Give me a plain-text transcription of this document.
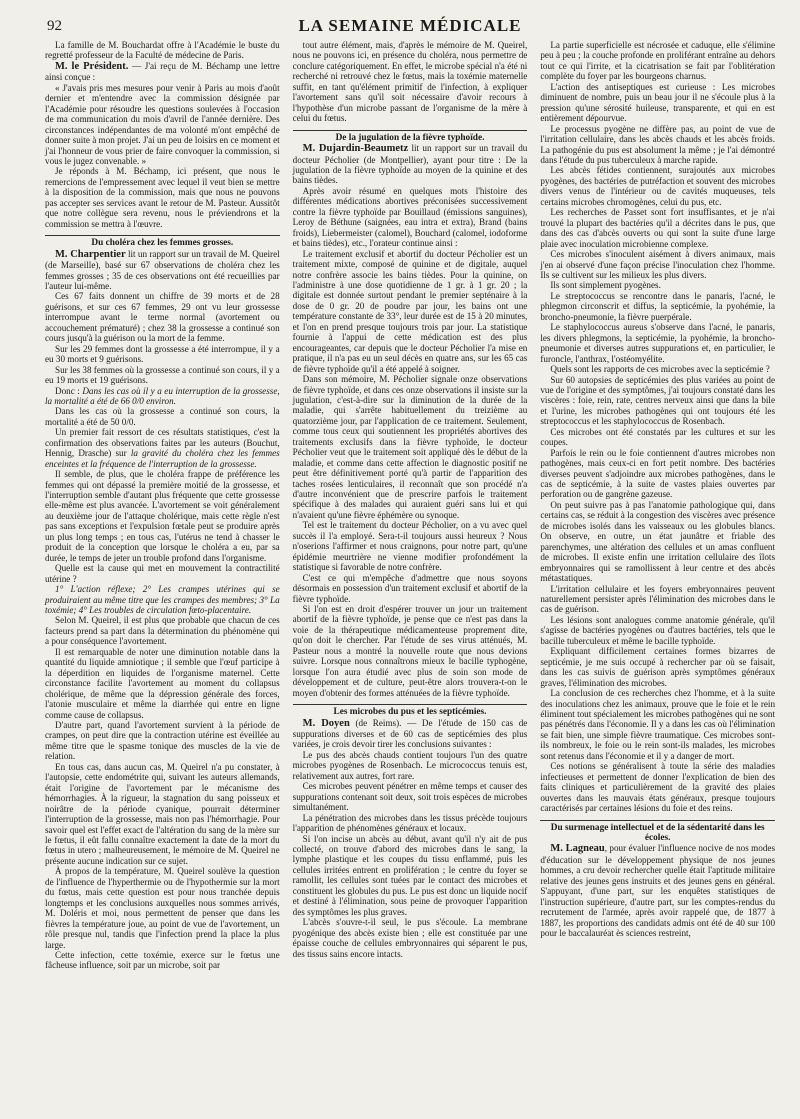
92	LA SEMAINE MÉDICALE

La famille de M. Bouchardat offre à l'Académie le buste du regretté professeur de la Faculté de médecine de Paris.

M. le Président. — J'ai reçu de M. Béchamp une lettre ainsi conçue :

« J'avais pris mes mesures pour venir à Paris au mois d'août dernier et m'entendre avec la commission désignée par l'Académie pour résoudre les questions soulevées à l'occasion de ma communication du mois d'avril de l'année dernière. Des circonstances indépendantes de ma volonté m'ont empêché de donner suite à mon projet. J'ai un peu de loisirs en ce moment et j'ai l'honneur de vous prier de faire convoquer la commission, si vous le jugez convenable. »

Je réponds à M. Béchamp, ici présent, que nous le remercions de l'empressement avec lequel il veut bien se mettre à la disposition de la commission, mais que nous ne pouvons pas accepter ses services avant le retour de M. Pasteur. Aussitôt que notre collègue sera revenu, nous le préviendrons et la commission se mettra à l'œuvre.

Du choléra chez les femmes grosses.

M. Charpentier lit un rapport sur un travail de M. Queirel (de Marseille), basé sur 67 observations de choléra chez les femmes grosses ; 35 de ces observations ont été recueillies par l'auteur lui-même.

Ces 67 faits donnent un chiffre de 39 morts et de 28 guérisons, et sur ces 67 femmes, 29 ont vu leur grossesse interrompue avant le terme normal (avortement ou accouchement prématuré) ; chez 38 la grossesse a continué son cours jusqu'à la guérison ou la mort de la femme.

Sur les 29 femmes dont la grossesse a été interrompue, il y a eu 30 morts et 9 guérisons.

Sur les 38 femmes où la grossesse a continué son cours, il y a eu 19 morts et 19 guérisons.

Donc : Dans les cas où il y a eu interruption de la grossesse, la mortalité a été de 66 0/0 environ.

Dans les cas où la grossesse a continué son cours, la mortalité a été de 50 0/0.

Un premier fait ressort de ces résultats statistiques, c'est la confirmation des observations faites par les auteurs (Bouchut, Hennig, Drasche) sur la gravité du choléra chez les femmes enceintes et la fréquence de l'interruption de la grossesse.

Il semble, de plus, que le choléra frappe de préférence les femmes qui ont dépassé la première moitié de la grossesse, et l'interruption semble d'autant plus fréquente que cette grossesse elle-même est plus avancée. L'avortement se voit généralement au deuxième jour de l'attaque cholérique, mais cette règle n'est pas sans exceptions et l'expulsion fœtale peut se produire après un plus long temps ; en tous cas, l'utérus ne tend à chasser le produit de la conception que lorsque le choléra a eu, par sa durée, le temps de jeter un trouble profond dans l'organisme.

Quelle est la cause qui met en mouvement la contractilité utérine ?

1° L'action réflexe; 2° Les crampes utérines qui se produiraient au même titre que les crampes des membres; 3° La toxémie; 4° Les troubles de circulation fœto-placentaire.

Selon M. Queirel, il est plus que probable que chacun de ces facteurs prend sa part dans la détermination du phénomène qui a pour conséquence l'avortement.

Il est remarquable de noter une diminution notable dans la quantité du liquide amniotique ; il semble que l'œuf participe à la déperdition en liquides de l'organisme maternel. Cette circonstance facilite l'avortement au moment du collapsus cholérique, de même que la dépression générale des forces, l'atonie musculaire et même la diarrhée qui entre en ligne comme cause de collapsus.

D'autre part, quand l'avortement survient à la période de crampes, on peut dire que la contraction utérine est éveillée au même titre que le spasme tonique des muscles de la vie de relation.

En tous cas, dans aucun cas, M. Queirel n'a pu constater, à l'autopsie, cette endométrite qui, suivant les auteurs allemands, était l'origine de l'avortement par le mécanisme des hémorrhagies. À la rigueur, la stagnation du sang poisseux et noirâtre de la période cyanique, pourrait déterminer l'interruption de la grossesse, mais non pas l'hémorrhagie. Pour savoir quel est l'effet exact de l'altération du sang de la mère sur le fœtus, il eût fallu connaître exactement la date de la mort du fœtus in utero ; malheureusement, le mémoire de M. Queirel ne présente aucune indication sur ce sujet.

À propos de la température, M. Queirel soulève la question de l'influence de l'hyperthermie ou de l'hypothermie sur la mort du fœtus, mais cette question est pour nous tranchée depuis longtemps et les conclusions auxquelles nous sommes arrivés, M. Doléris et moi, nous permettent de penser que dans les fièvres la température joue, au point de vue de l'avortement, un rôle presque nul, tandis que l'infection prend la place la plus large.

Cette infection, cette toxémie, exerce sur le fœtus une fâcheuse influence, soit par un microbe, soit par

tout autre élément, mais, d'après le mémoire de M. Queirel, nous ne pouvons ici, en présence du choléra, nous permettre de conclure catégoriquement. En effet, le microbe spécial n'a été ni recherché ni retrouvé chez le fœtus, mais la toxémie maternelle suffit, en tant qu'élément primitif de l'infection, à expliquer l'avortement sans qu'il soit nécessaire d'avoir recours à l'hypothèse d'un microbe passant de l'organisme de la mère à celui du fœtus.

De la jugulation de la fièvre typhoïde.

M. Dujardin-Beaumetz lit un rapport sur un travail du docteur Pécholier (de Montpellier), ayant pour titre : De la jugulation de la fièvre typhoïde au moyen de la quinine et des bains tièdes.

Après avoir résumé en quelques mots l'histoire des différentes médications abortives préconisées successivement contre la fièvre typhoïde par Bouillaud (émissions sanguines), Leroy de Béthune (saignées, eau intra et extra), Brand (bains froids), Liebermeister (calomel), Bouchard (calomel, iodoforme et bains tièdes), etc., l'orateur continue ainsi :

Le traitement exclusif et abortif du docteur Pécholier est un traitement mixte, composé de quinine et de digitale, auquel notre confrère associe les bains tièdes. Pour la quinine, on l'administre à une dose quotidienne de 1 gr. à 1 gr. 20 ; la digitale est donnée surtout pendant le premier septénaire à la dose de 0 gr. 20 de poudre par jour, les bains ont une température constante de 33°, leur durée est de 15 à 20 minutes, et l'on en prend presque toujours trois par jour. La statistique fournie à l'appui de cette médication est des plus encourageantes, car depuis que le docteur Pécholier l'a mise en pratique, il n'a pas eu un seul décès en quatre ans, sur les 65 cas de fièvre typhoïde qu'il a été appelé à soigner.

Dans son mémoire, M. Pécholier signale onze observations de fièvre typhoïde, et dans ces onze observations il insiste sur la jugulation, c'est-à-dire sur la diminution de la durée de la maladie, qui s'arrête habituellement du treizième au quatorzième jour, par l'application de ce traitement. Seulement, comme tous ceux qui soutiennent les propriétés abortives des traitements exclusifs dans la fièvre typhoïde, le docteur Pécholier veut que le traitement soit appliqué dès le début de la maladie, et comme dans cette affection le diagnostic positif ne peut être définitivement porté qu'à partir de l'apparition des taches rosées lenticulaires, il reconnaît que son procédé n'a d'autre inconvénient que de prescrire parfois le traitement spécifique à des malades qui auraient guéri sans lui et qui n'avaient qu'une fièvre éphémère ou synoque.

Tel est le traitement du docteur Pécholier, on a vu avec quel succès il l'a employé. Sera-t-il toujours aussi heureux ? Nous n'oserions l'affirmer et nous craignons, pour notre part, qu'une épidémie meurtrière ne vienne modifier profondément la statistique si favorable de notre confrère.

C'est ce qui m'empêche d'admettre que nous soyons désormais en possession d'un traitement exclusif et abortif de la fièvre typhoïde.

Si l'on est en droit d'espérer trouver un jour un traitement abortif de la fièvre typhoïde, je pense que ce n'est pas dans la voie de la thérapeutique médicamenteuse proprement dite, qu'on doit le chercher. Par l'étude de ses virus atténués, M. Pasteur nous a montré la nouvelle route que nous devions suivre. Lorsque nous connaîtrons mieux le bacille typhogène, lorsque l'on aura étudié avec plus de soin son mode de développement et de culture, peut-être alors trouvera-t-on le moyen d'obtenir des formes atténuées de la fièvre typhoïde.

Les microbes du pus et les septicémies.

M. Doyen (de Reims). — De l'étude de 150 cas de suppurations diverses et de 60 cas de septicémies des plus variées, je crois devoir tirer les conclusions suivantes :

Le pus des abcès chauds contient toujours l'un des quatre microbes pyogènes de Rosenbach. Le micrococcus tenuis est, relativement aux autres, fort rare.

Ces microbes peuvent pénétrer en même temps et causer des suppurations contenant soit deux, soit trois espèces de microbes simultanément.

La pénétration des microbes dans les tissus précède toujours l'apparition de phénomènes généraux et locaux.

Si l'on incise un abcès au début, avant qu'il n'y ait de pus collecté, on trouve d'abord des microbes dans le sang, la lymphe plastique et les coupes du tissu enflammé, puis les cellules irritées entrent en prolifération ; le centre du foyer se ramollit, les cellules sont tuées par le contact des microbes et constituent les globules du pus. Le pus est donc un liquide nocif et destiné à l'élimination, sous peine de provoquer l'apparition des symptômes les plus graves.

L'abcès s'ouvre-t-il seul, le pus s'écoule. La membrane pyogénique des abcès existe bien ; elle est constituée par une épaisse couche de cellules embryonnaires qui séparent le pus, des tissus sains encore intacts.

La partie superficielle est nécrosée et caduque, elle s'élimine peu à peu ; la couche profonde en proliférant entraîne au dehors tout ce qui l'irrite, et la cicatrisation se fait par l'oblitération complète du foyer par les bourgeons charnus.

L'action des antiseptiques est curieuse : Les microbes diminuent de nombre, puis un beau jour il ne s'écoule plus à la pression qu'une sérosité huileuse, transparente, et qui en est entièrement dépourvue.

Le processus pyogène ne diffère pas, au point de vue de l'irritation cellulaire, dans les abcès chauds et les abcès froids. La pathogénie du pus est absolument la même ; je l'ai démontré dans l'étude du pus tuberculeux à marche rapide.

Les abcès fétides contiennent, surajoutés aux microbes pyogènes, des bactéries de putréfaction et souvent des microbes divers venus de l'intérieur ou de cavités muqueuses, tels certains microbes chromogènes, celui du pus, etc.

Les recherches de Passet sont fort insuffisantes, et je n'ai trouvé la plupart des bactéries qu'il a décrites dans le pus, que dans des cas d'abcès ouverts ou qui sont la suite d'une large plaie avec inoculation microbienne complexe.

Ces microbes s'inoculent aisément à divers animaux, mais j'en ai observé d'une façon précise l'inoculation chez l'homme. Ils se cultivent sur les milieux les plus divers.

Ils sont simplement pyogènes.

Le streptococcus se rencontre dans le panaris, l'acné, le phlegmon circonscrit et diffus, la septicémie, la pyohémie, la broncho-pneumonie, la fièvre puerpérale.

Le staphylococcus aureus s'observe dans l'acné, le panaris, les divers phlegmons, la septicémie, la pyohémie, la broncho-pneumonie et diverses autres suppurations et, en particulier, le furoncle, l'anthrax, l'ostéomyélite.

Quels sont les rapports de ces microbes avec la septicémie ?

Sur 60 autopsies de septicémies des plus variées au point de vue de l'origine et des symptômes, j'ai toujours constaté dans les viscères : foie, rein, rate, centres nerveux ainsi que dans la bile et l'urine, les microbes pathogènes qui ont toujours été les streptococcus et les staphylococcus de Rosenbach.

Ces microbes ont été constatés par les cultures et sur les coupes.

Parfois le rein ou le foie contiennent d'autres microbes non pathogènes, mais ceux-ci en fort petit nombre. Des bactéries diverses peuvent s'adjoindre aux microbes pathogènes, dans le cas de septicémie, à la suite de vastes plaies ouvertes par perforation ou de gangrène gazeuse.

On peut suivre pas à pas l'anatomie pathologique qui, dans certains cas, se réduit à la congestion des viscères avec présence de microbes isolés dans les vaisseaux ou les globules blancs. On observe, en outre, un état jaunâtre et friable des parenchymes, une altération des cellules et un amas confluent de microbes. Il existe enfin une irritation cellulaire des îlots embryonnaires qui se ramollissent à leur centre et des abcès métastatiques.

L'irritation cellulaire et les foyers embryonnaires peuvent naturellement persister après l'élimination des microbes dans le cas de guérison.

Les lésions sont analogues comme anatomie générale, qu'il s'agisse de bactéries pyogènes ou d'autres bactéries, tels que le bacille tuberculeux et même le bacille typhoïde.

Expliquant difficilement certaines formes bizarres de septicémie, je me suis occupé à rechercher par où se faisait, dans les cas suivis de guérison après symptômes généraux graves, l'élimination des microbes.

La conclusion de ces recherches chez l'homme, et à la suite des inoculations chez les animaux, prouve que le foie et le rein éliminent tout spécialement les microbes pathogènes qui ne sont pas pénétrés dans l'économie. Il y a dans les cas où l'élimination se fait bien, une simple fièvre traumatique. Ces microbes sont-ils nombreux, le foie ou le rein sont-ils malades, les microbes sont retenus dans l'économie et il y a danger de mort.

Ces notions se généralisent à toute la série des maladies infectieuses et permettent de donner l'explication de bien des faits cliniques et particulièrement de la gravité des plaies ouvertes dans les mauvais états généraux, presque toujours caractérisés par certaines lésions du foie et des reins.

Du surmenage intellectuel et de la sédentarité dans les écoles.

M. Lagneau, pour évaluer l'influence nocive de nos modes d'éducation sur le développement physique de nos jeunes hommes, a cru devoir rechercher quelle était l'aptitude militaire relative des jeunes gens instruits et des jeunes gens en général. S'appuyant, d'une part, sur les enquêtes statistiques de l'instruction supérieure, d'autre part, sur les comptes-rendus du recrutement de l'armée, après avoir rappelé que, de 1877 à 1887, les proportions des candidats admis ont été de 40 sur 100 pour le baccalauréat ès sciences restreint,
